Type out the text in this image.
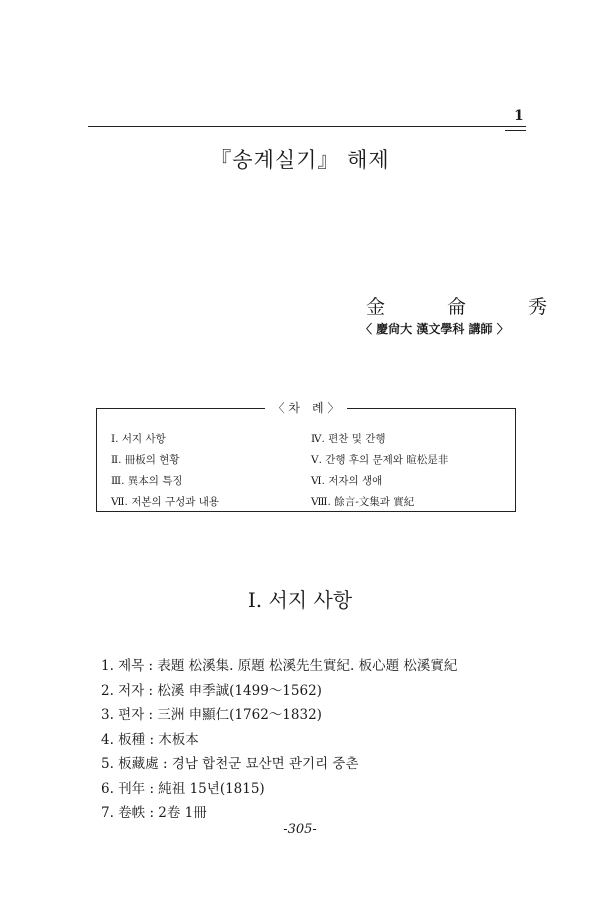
1
『송계실기』 해제
金 侖 秀
〈 慶尙大 漢文學科 講師 〉
〈 차　례 〉
Ⅰ. 서지 사항	Ⅳ. 편찬 및 간행
Ⅱ. 冊板의 현황	Ⅴ. 간행 후의 문제와 暄松是非
Ⅲ. 異本의 특징	Ⅵ. 저자의 생애
Ⅶ. 저본의 구성과 내용	Ⅷ. 餘言-文集과 實紀
Ⅰ. 서지 사항
1. 제목 : 表題 松溪集. 原題 松溪先生實紀. 板心題 松溪實紀
2. 저자 : 松溪 申季誠(1499～1562)
3. 편자 : 三洲 申顯仁(1762～1832)
4. 板種 : 木板本
5. 板藏處 : 경남 합천군 묘산면 관기리 중촌
6. 刊年 : 純祖 15년(1815)
7. 卷帙 : 2卷 1冊
-305-
